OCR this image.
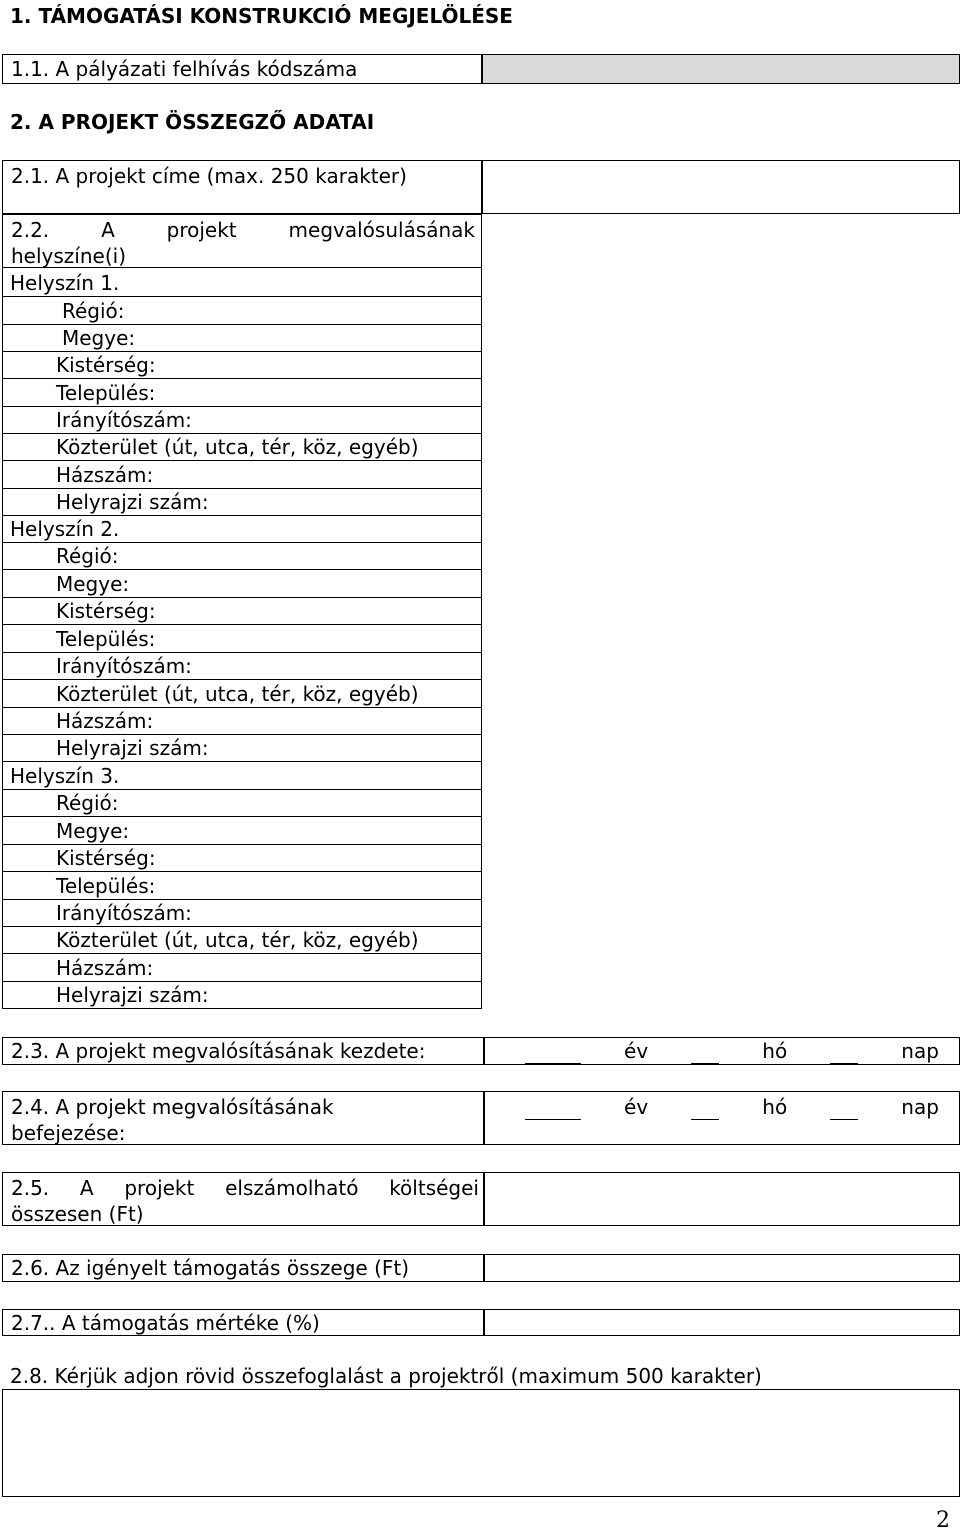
1. TÁMOGATÁSI KONSTRUKCIÓ MEGJELÖLÉSE
1.1. A pályázati felhívás kódszáma
2. A PROJEKT ÖSSZEGZŐ ADATAI
2.1. A projekt címe (max. 250 karakter)
2.2.	A	projekt	megvalósulásának
helyszíne(i)
Helyszín 1.
Régió:
Megye:
Kistérség:
Település:
Irányítószám:
Közterület (út, utca, tér, köz, egyéb)
Házszám:
Helyrajzi szám:
Helyszín 2.
Régió:
Megye:
Kistérség:
Település:
Irányítószám:
Közterület (út, utca, tér, köz, egyéb)
Házszám:
Helyrajzi szám:
Helyszín 3.
Régió:
Megye:
Kistérség:
Település:
Irányítószám:
Közterület (út, utca, tér, köz, egyéb)
Házszám:
Helyrajzi szám:
2.3. A projekt megvalósításának kezdete:	év	hó	nap
2.4. A projekt megvalósításának
befejezése:
év	hó	nap
2.5. A projekt elszámolható költségei
összesen (Ft)
2.6. Az igényelt támogatás összege (Ft)
2.7.. A támogatás mértéke (%)
2.8. Kérjük adjon rövid összefoglalást a projektről (maximum 500 karakter)
2
